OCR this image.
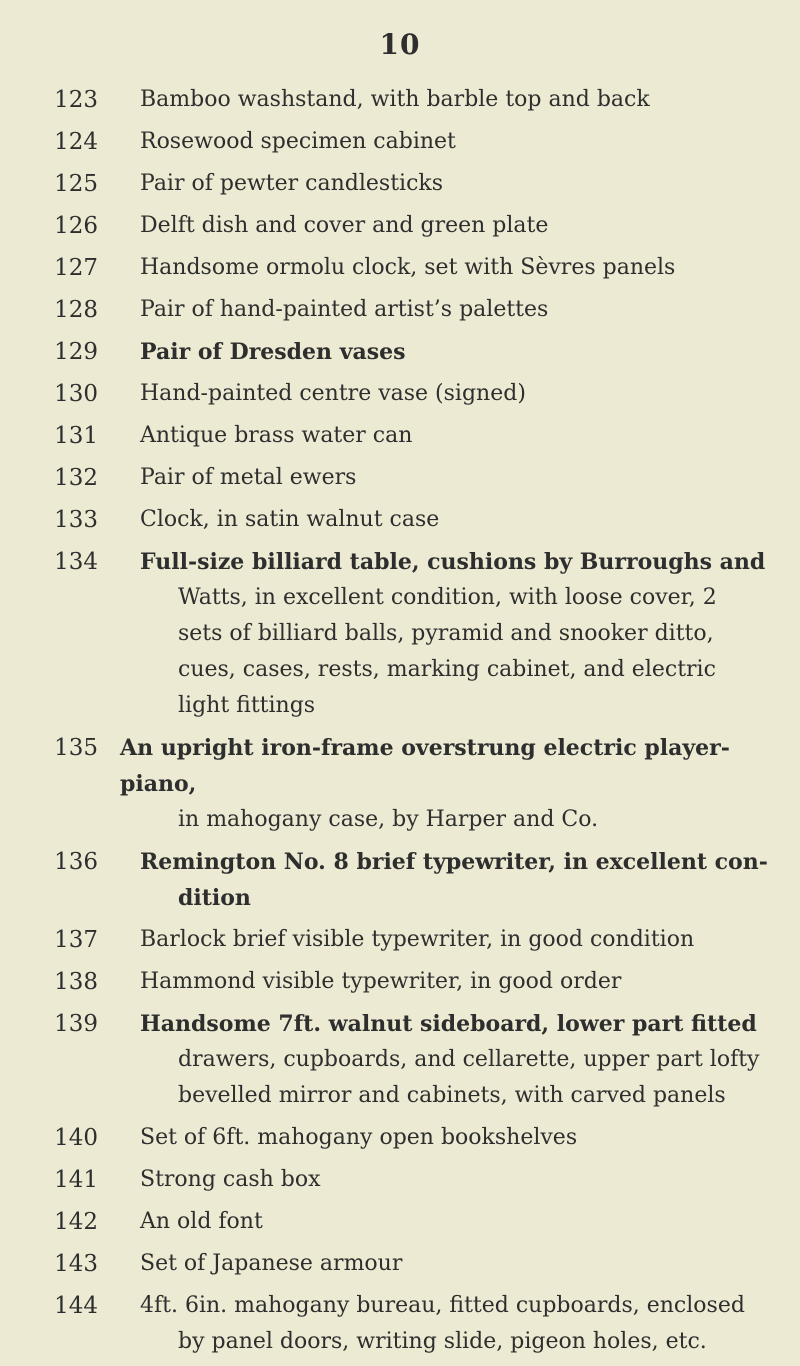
10
123 Bamboo washstand, with barble top and back
124 Rosewood specimen cabinet
125 Pair of pewter candlesticks
126 Delft dish and cover and green plate
127 Handsome ormolu clock, set with Sèvres panels
128 Pair of hand-painted artist’s palettes
129 Pair of Dresden vases
130 Hand-painted centre vase (signed)
131 Antique brass water can
132 Pair of metal ewers
133 Clock, in satin walnut case
134 Full-size billiard table, cushions by Burroughs and
Watts, in excellent condition, with loose cover, 2
sets of billiard balls, pyramid and snooker ditto,
cues, cases, rests, marking cabinet, and electric
light fittings
135 An upright iron-frame overstrung electric player-piano,
in mahogany case, by Harper and Co.
136 Remington No. 8 brief typewriter, in excellent con-
dition
137 Barlock brief visible typewriter, in good condition
138 Hammond visible typewriter, in good order
139 Handsome 7ft. walnut sideboard, lower part fitted
drawers, cupboards, and cellarette, upper part lofty
bevelled mirror and cabinets, with carved panels
140 Set of 6ft. mahogany open bookshelves
141 Strong cash box
142 An old font
143 Set of Japanese armour
144 4ft. 6in. mahogany bureau, fitted cupboards, enclosed
by panel doors, writing slide, pigeon holes, etc.
